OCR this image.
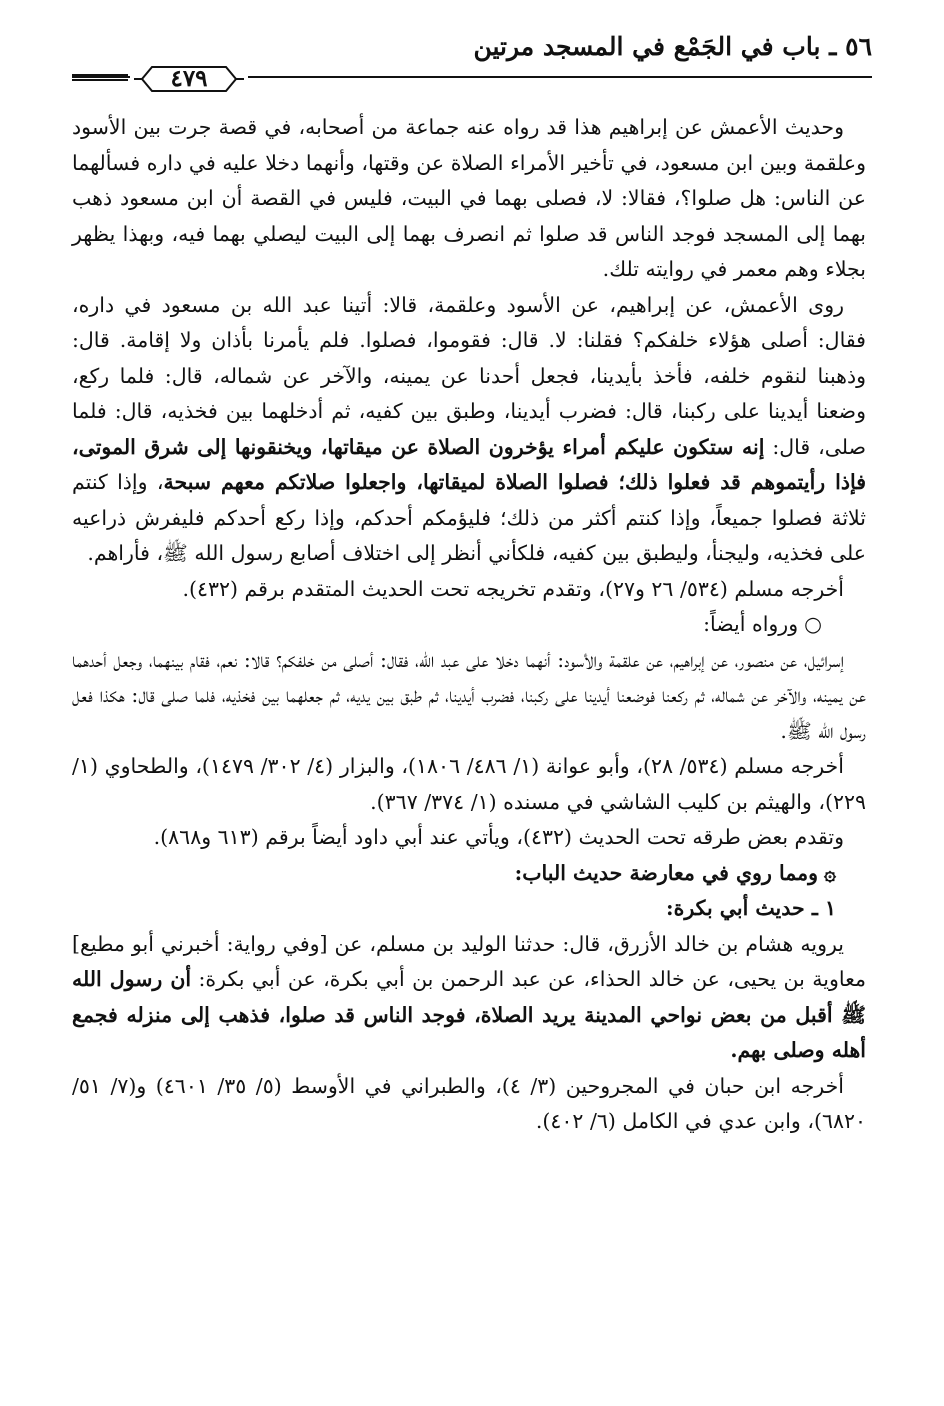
٥٦ ـ باب في الجَمْع في المسجد مرتين
٤٧٩

وحديث الأعمش عن إبراهيم هذا قد رواه عنه جماعة من أصحابه، في قصة جرت بين الأسود وعلقمة وبين ابن مسعود، في تأخير الأمراء الصلاة عن وقتها، وأنهما دخلا عليه في داره فسألهما عن الناس: هل صلوا؟، فقالا: لا، فصلى بهما في البيت، فليس في القصة أن ابن مسعود ذهب بهما إلى المسجد فوجد الناس قد صلوا ثم انصرف بهما إلى البيت ليصلي بهما فيه، وبهذا يظهر بجلاء وهم معمر في روايته تلك.

روى الأعمش، عن إبراهيم، عن الأسود وعلقمة، قالا: أتينا عبد الله بن مسعود في داره، فقال: أصلى هؤلاء خلفكم؟ فقلنا: لا. قال: فقوموا، فصلوا. فلم يأمرنا بأذان ولا إقامة. قال: وذهبنا لنقوم خلفه، فأخذ بأيدينا، فجعل أحدنا عن يمينه، والآخر عن شماله، قال: فلما ركع، وضعنا أيدينا على ركبنا، قال: فضرب أيدينا، وطبق بين كفيه، ثم أدخلهما بين فخذيه، قال: فلما صلى، قال: إنه ستكون عليكم أمراء يؤخرون الصلاة عن ميقاتها، ويخنقونها إلى شرق الموتى، فإذا رأيتموهم قد فعلوا ذلك؛ فصلوا الصلاة لميقاتها، واجعلوا صلاتكم معهم سبحة، وإذا كنتم ثلاثة فصلوا جميعاً، وإذا كنتم أكثر من ذلك؛ فليؤمكم أحدكم، وإذا ركع أحدكم فليفرش ذراعيه على فخذيه، وليجنأ، وليطبق بين كفيه، فلكأني أنظر إلى اختلاف أصابع رسول الله ﷺ، فأراهم.

أخرجه مسلم (٥٣٤/ ٢٦ و٢٧)، وتقدم تخريجه تحت الحديث المتقدم برقم (٤٣٢).

○ورواه أيضاً:

إسرائيل، عن منصور، عن إبراهيم، عن علقمة والأسود: أنهما دخلا على عبد الله، فقال: أصلى من خلفكم؟ قالا: نعم، فقام بينهما، وجعل أحدهما عن يمينه، والآخر عن شماله، ثم ركعنا فوضعنا أيدينا على ركبنا، فضرب أيدينا، ثم طبق بين يديه، ثم جعلهما بين فخذيه، فلما صلى قال: هكذا فعل رسول الله ﷺ.

أخرجه مسلم (٥٣٤/ ٢٨)، وأبو عوانة (١/ ٤٨٦/ ١٨٠٦)، والبزار (٤/ ٣٠٢/ ١٤٧٩)، والطحاوي (١/ ٢٢٩)، والهيثم بن كليب الشاشي في مسنده (١/ ٣٧٤/ ٣٦٧).

وتقدم بعض طرقه تحت الحديث (٤٣٢)، ويأتي عند أبي داود أيضاً برقم (٦١٣ و٨٦٨).

۞ومما روي في معارضة حديث الباب:

١ ـ حديث أبي بكرة:

يرويه هشام بن خالد الأزرق، قال: حدثنا الوليد بن مسلم، عن [وفي رواية: أخبرني أبو مطيع] معاوية بن يحيى، عن خالد الحذاء، عن عبد الرحمن بن أبي بكرة، عن أبي بكرة: أن رسول الله ﷺ أقبل من بعض نواحي المدينة يريد الصلاة، فوجد الناس قد صلوا، فذهب إلى منزله فجمع أهله وصلى بهم.

أخرجه ابن حبان في المجروحين (٣/ ٤)، والطبراني في الأوسط (٥/ ٣٥/ ٤٦٠١) و(٧/ ٥١/ ٦٨٢٠)، وابن عدي في الكامل (٦/ ٤٠٢).
